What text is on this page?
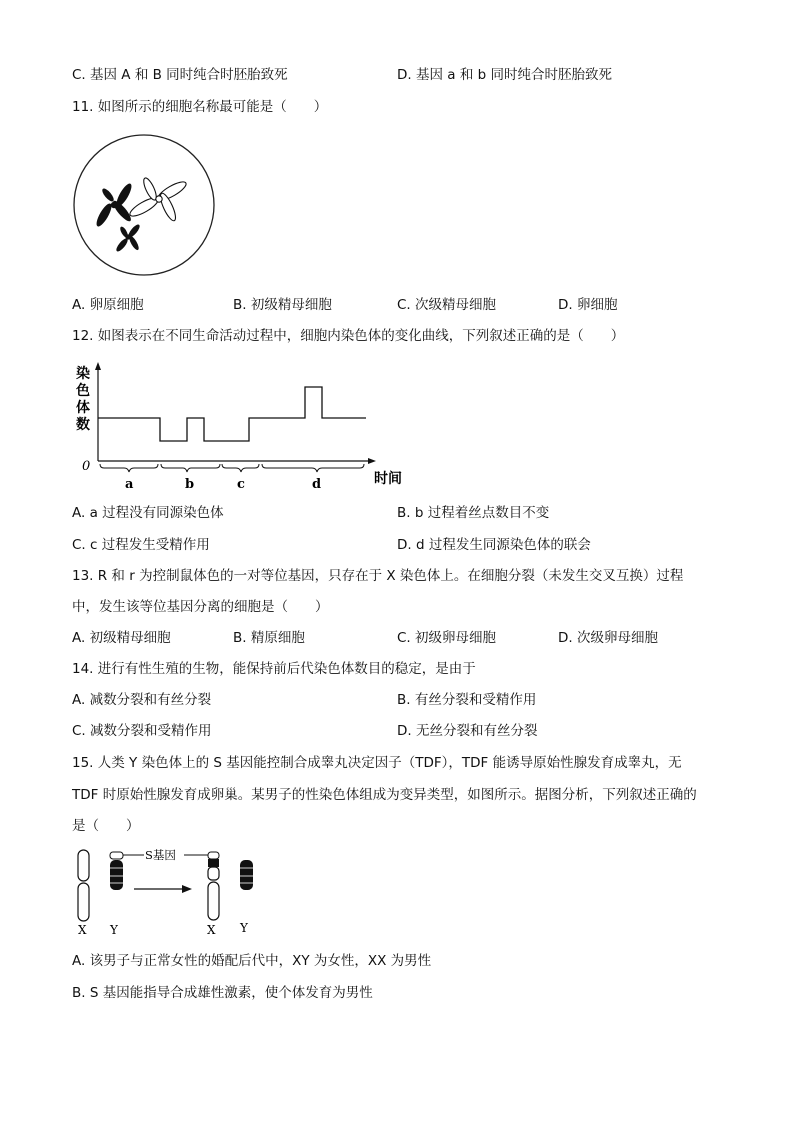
C. 基因 A 和 B 同时纯合时胚胎致死	D. 基因 a 和 b 同时纯合时胚胎致死
11. 如图所示的细胞名称最可能是（　　）
A. 卵原细胞	B. 初级精母细胞	C. 次级精母细胞	D. 卵细胞
12. 如图表示在不同生命活动过程中，细胞内染色体的变化曲线，下列叙述正确的是（　　）
染
色
体
数
0
时间
a	b	c	d
A. a 过程没有同源染色体	B. b 过程着丝点数目不变
C. c 过程发生受精作用	D. d 过程发生同源染色体的联会
13. R 和 r 为控制鼠体色的一对等位基因，只存在于 X 染色体上。在细胞分裂（未发生交叉互换）过程
中，发生该等位基因分离的细胞是（　　）
A. 初级精母细胞	B. 精原细胞	C. 初级卵母细胞	D. 次级卵母细胞
14. 进行有性生殖的生物，能保持前后代染色体数目的稳定，是由于
A. 减数分裂和有丝分裂	B. 有丝分裂和受精作用
C. 减数分裂和受精作用	D. 无丝分裂和有丝分裂
15. 人类 Y 染色体上的 S 基因能控制合成睾丸决定因子（TDF），TDF 能诱导原始性腺发育成睾丸，无
TDF 时原始性腺发育成卵巢。某男子的性染色体组成为变异类型，如图所示。据图分析，下列叙述正确的
是（　　）
S基因
X Y	X Y
A. 该男子与正常女性的婚配后代中，XY 为女性，XX 为男性
B. S 基因能指导合成雄性激素，使个体发育为男性
